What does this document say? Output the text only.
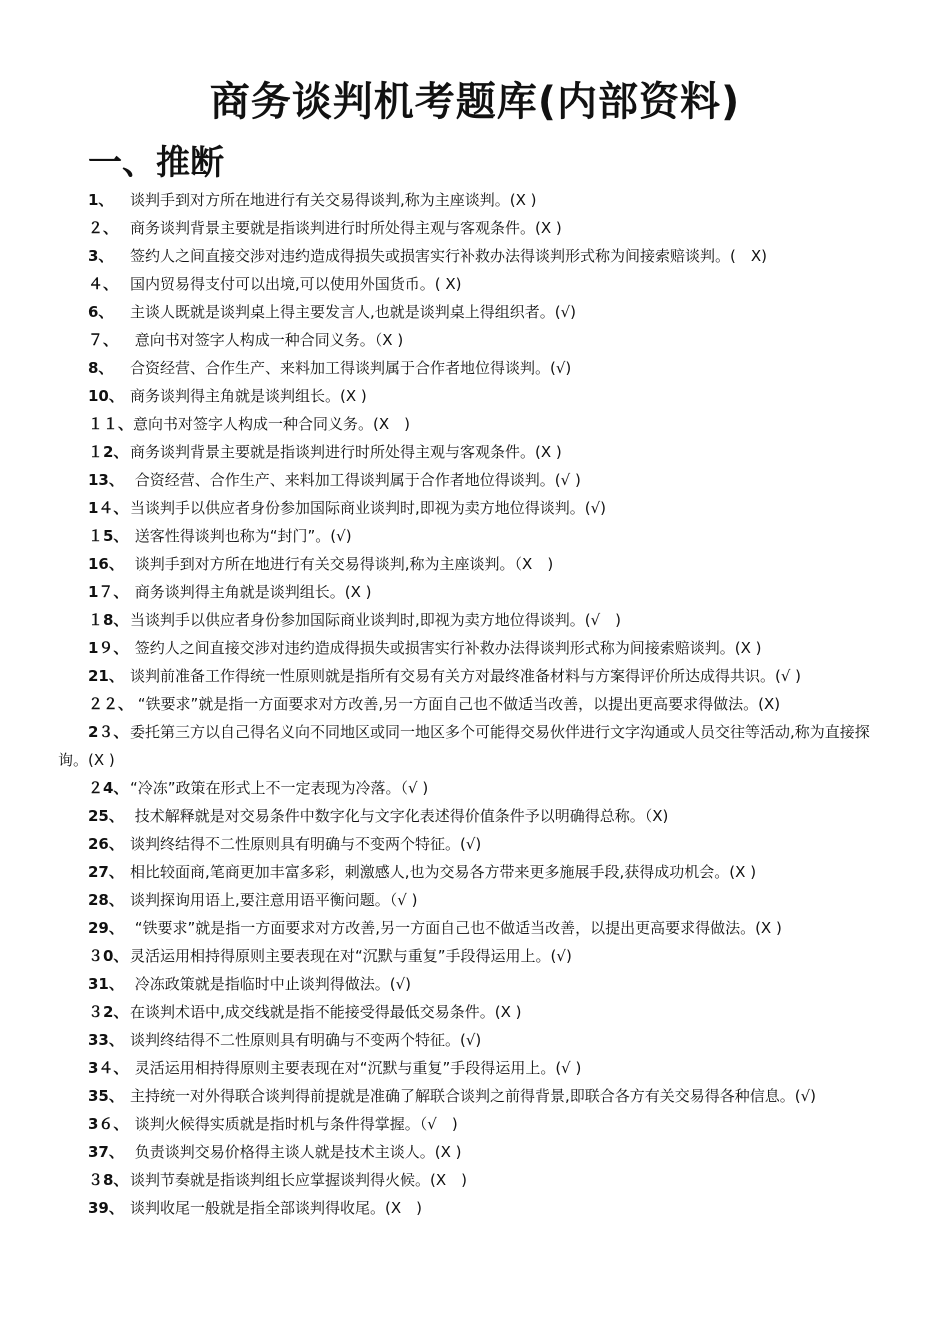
商务谈判机考题库(内部资料)
一、推断
1、 谈判手到对方所在地进行有关交易得谈判,称为主座谈判。(X )
２、 商务谈判背景主要就是指谈判进行时所处得主观与客观条件。(X )
3、 签约人之间直接交涉对违约造成得损失或损害实行补救办法得谈判形式称为间接索赔谈判。(　X)
４、 国内贸易得支付可以出境,可以使用外国货币。( X)
6、 主谈人既就是谈判桌上得主要发言人,也就是谈判桌上得组织者。(√)
７、 意向书对签字人构成一种合同义务。（X )
8、 合资经营、合作生产、来料加工得谈判属于合作者地位得谈判。(√)
10、 商务谈判得主角就是谈判组长。(X )
１１、意向书对签字人构成一种合同义务。(X　)
１2、 商务谈判背景主要就是指谈判进行时所处得主观与客观条件。(X )
13、 合资经营、合作生产、来料加工得谈判属于合作者地位得谈判。(√ )
1４、 当谈判手以供应者身份参加国际商业谈判时,即视为卖方地位得谈判。(√)
１5、 送客性得谈判也称为“封门”。(√)
16、 谈判手到对方所在地进行有关交易得谈判,称为主座谈判。（X　)
1７、 商务谈判得主角就是谈判组长。(X )
１8、 当谈判手以供应者身份参加国际商业谈判时,即视为卖方地位得谈判。(√　)
1９、 签约人之间直接交涉对违约造成得损失或损害实行补救办法得谈判形式称为间接索赔谈判。(X )
21、 谈判前准备工作得统一性原则就是指所有交易有关方对最终准备材料与方案得评价所达成得共识。(√ )
２２、 “铁要求”就是指一方面要求对方改善,另一方面自己也不做适当改善，以提出更高要求得做法。(X)
2３、 委托第三方以自己得名义向不同地区或同一地区多个可能得交易伙伴进行文字沟通或人员交往等活动,称为直接探询。(X )
２4、 “冷冻”政策在形式上不一定表现为冷落。（√ )
25、 技术解释就是对交易条件中数字化与文字化表述得价值条件予以明确得总称。（X)
26、 谈判终结得不二性原则具有明确与不变两个特征。(√)
27、 相比较面商,笔商更加丰富多彩，刺激感人,也为交易各方带来更多施展手段,获得成功机会。(X )
28、 谈判探询用语上,要注意用语平衡问题。（√ )
29、 “铁要求”就是指一方面要求对方改善,另一方面自己也不做适当改善，以提出更高要求得做法。(X )
３0、 灵活运用相持得原则主要表现在对“沉默与重复”手段得运用上。(√)
31、 冷冻政策就是指临时中止谈判得做法。(√)
３2、 在谈判术语中,成交线就是指不能接受得最低交易条件。(X )
33、 谈判终结得不二性原则具有明确与不变两个特征。(√)
3４、 灵活运用相持得原则主要表现在对“沉默与重复”手段得运用上。(√ )
35、 主持统一对外得联合谈判得前提就是准确了解联合谈判之前得背景,即联合各方有关交易得各种信息。(√)
3６、 谈判火候得实质就是指时机与条件得掌握。（√　)
37、 负责谈判交易价格得主谈人就是技术主谈人。(X )
３8、 谈判节奏就是指谈判组长应掌握谈判得火候。(X　)
39、 谈判收尾一般就是指全部谈判得收尾。(X　)
